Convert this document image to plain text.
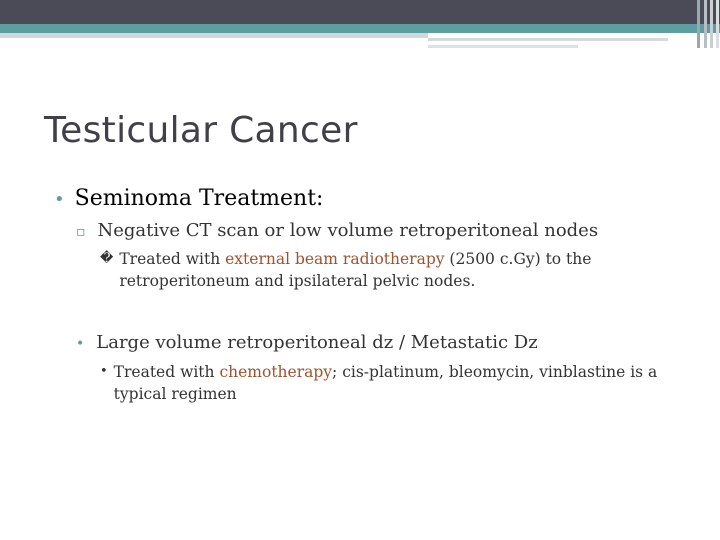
Testicular Cancer
• Seminoma Treatment:
▫ Negative CT scan or low volume retroperitoneal nodes
� Treated with external beam radiotherapy (2500 c.Gy) to the retroperitoneum and ipsilateral pelvic nodes.
• Large volume retroperitoneal dz / Metastatic Dz
• Treated with chemotherapy; cis-platinum, bleomycin, vinblastine is a typical regimen
